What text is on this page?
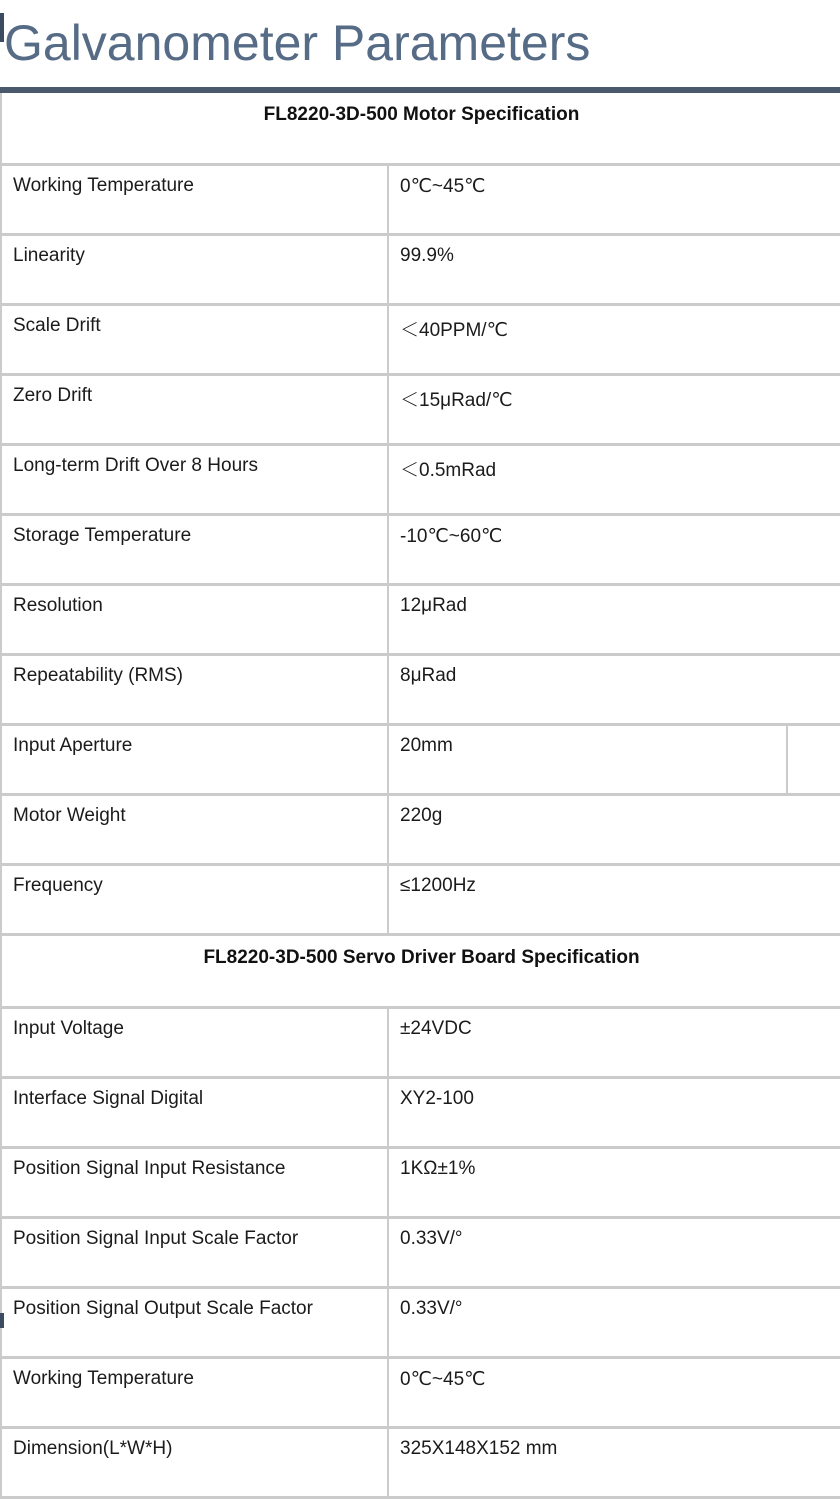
Galvanometer Parameters
FL8220-3D-500 Motor Specification		
Working Temperature	0℃~45℃	
Linearity	99.9%	
Scale Drift	＜40PPM/℃	
Zero Drift	＜15μRad/℃	
Long-term Drift Over 8 Hours	＜0.5mRad	
Storage Temperature	-10℃~60℃	
Resolution	12μRad	
Repeatability (RMS)	8μRad	
Input Aperture	20mm	
Motor Weight	220g	
Frequency	≤1200Hz	
FL8220-3D-500 Servo Driver Board Specification		
Input Voltage	±24VDC	
Interface Signal Digital	XY2-100	
Position Signal Input Resistance	1KΩ±1%	
Position Signal Input Scale Factor	0.33V/°	
Position Signal Output Scale Factor	0.33V/°	
Working Temperature	0℃~45℃	
Dimension(L*W*H)	325X148X152 mm	
